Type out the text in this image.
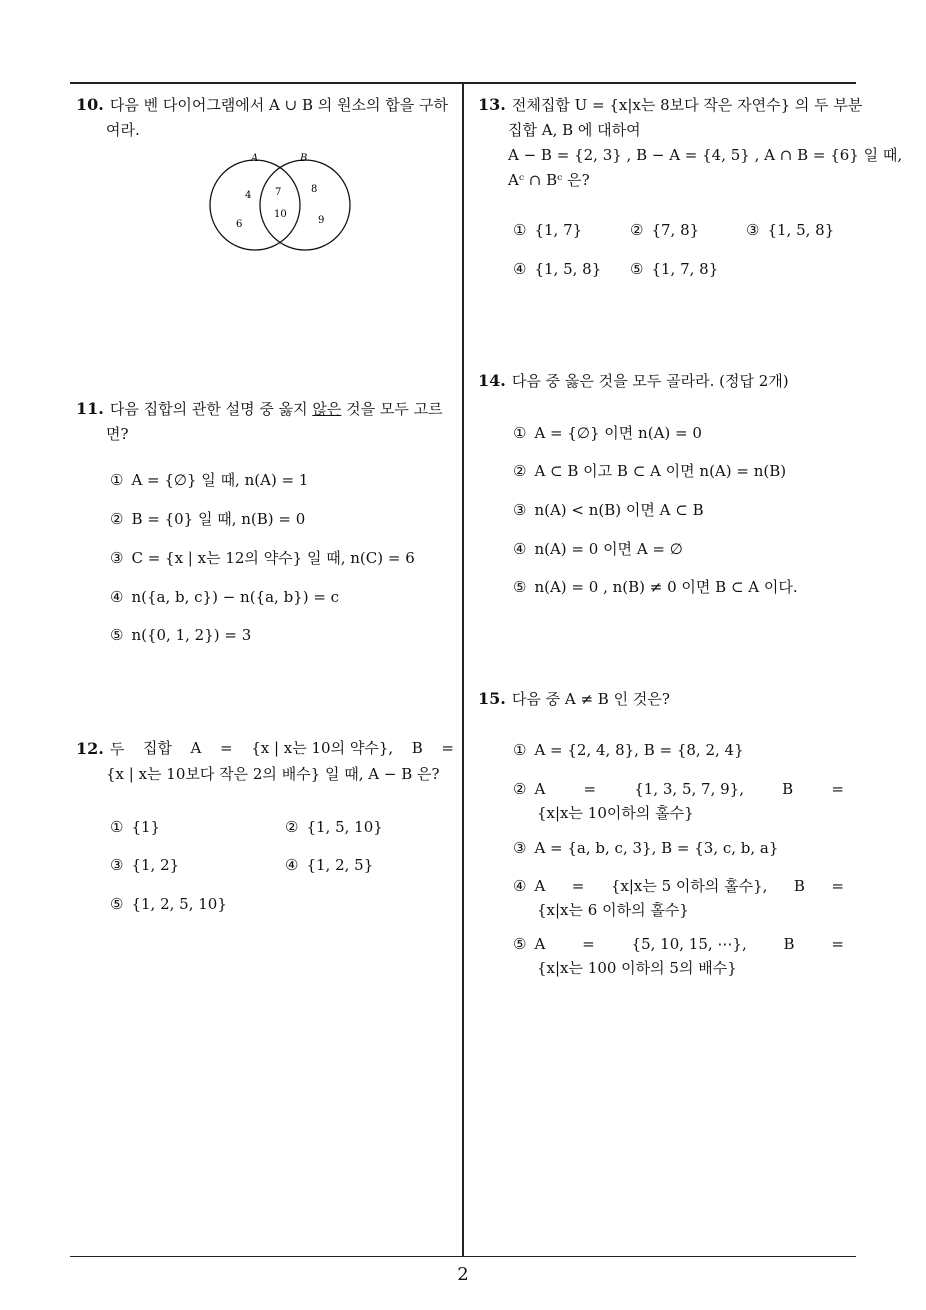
10. 다음 벤 다이어그램에서 A ∪ B 의 원소의 합을 구하
여라.
A	B
4
6
7
10
8
9
11. 다음 집합의 관한 설명 중 옳지 않은 것을 모두 고르
면?
① A = {∅} 일 때, n(A) = 1
② B = {0} 일 때, n(B) = 0
③ C = {x | x는 12의 약수} 일 때, n(C) = 6
④ n({a, b, c}) − n({a, b}) = c
⑤ n({0, 1, 2}) = 3
12. 두 집합 A = {x | x는 10의 약수}, B =
{x | x는 10보다 작은 2의 배수} 일 때, A − B 은?
① {1}	② {1, 5, 10}
③ {1, 2}	④ {1, 2, 5}
⑤ {1, 2, 5, 10}
13. 전체집합 U = {x|x는 8보다 작은 자연수} 의 두 부분
집합 A, B 에 대하여
A − B = {2, 3} , B − A = {4, 5} , A ∩ B = {6} 일 때,
Aᶜ ∩ Bᶜ 은?
① {1, 7}	② {7, 8}	③ {1, 5, 8}
④ {1, 5, 8} ⑤ {1, 7, 8}
14. 다음 중 옳은 것을 모두 골라라. (정답 2개)
① A = {∅} 이면 n(A) = 0
② A ⊂ B 이고 B ⊂ A 이면 n(A) = n(B)
③ n(A) < n(B) 이면 A ⊂ B
④ n(A) = 0 이면 A = ∅
⑤ n(A) = 0 , n(B) ≠ 0 이면 B ⊂ A 이다.
15. 다음 중 A ≠ B 인 것은?
① A = {2, 4, 8}, B = {8, 2, 4}
② A	=	{1, 3, 5, 7, 9},	B	=
{x|x는 10이하의 홀수}
③ A = {a, b, c, 3}, B = {3, c, b, a}
④ A = {x|x는 5 이하의 홀수}, B =
{x|x는 6 이하의 홀수}
⑤ A = {5, 10, 15, ⋯}, B =
{x|x는 100 이하의 5의 배수}
2
